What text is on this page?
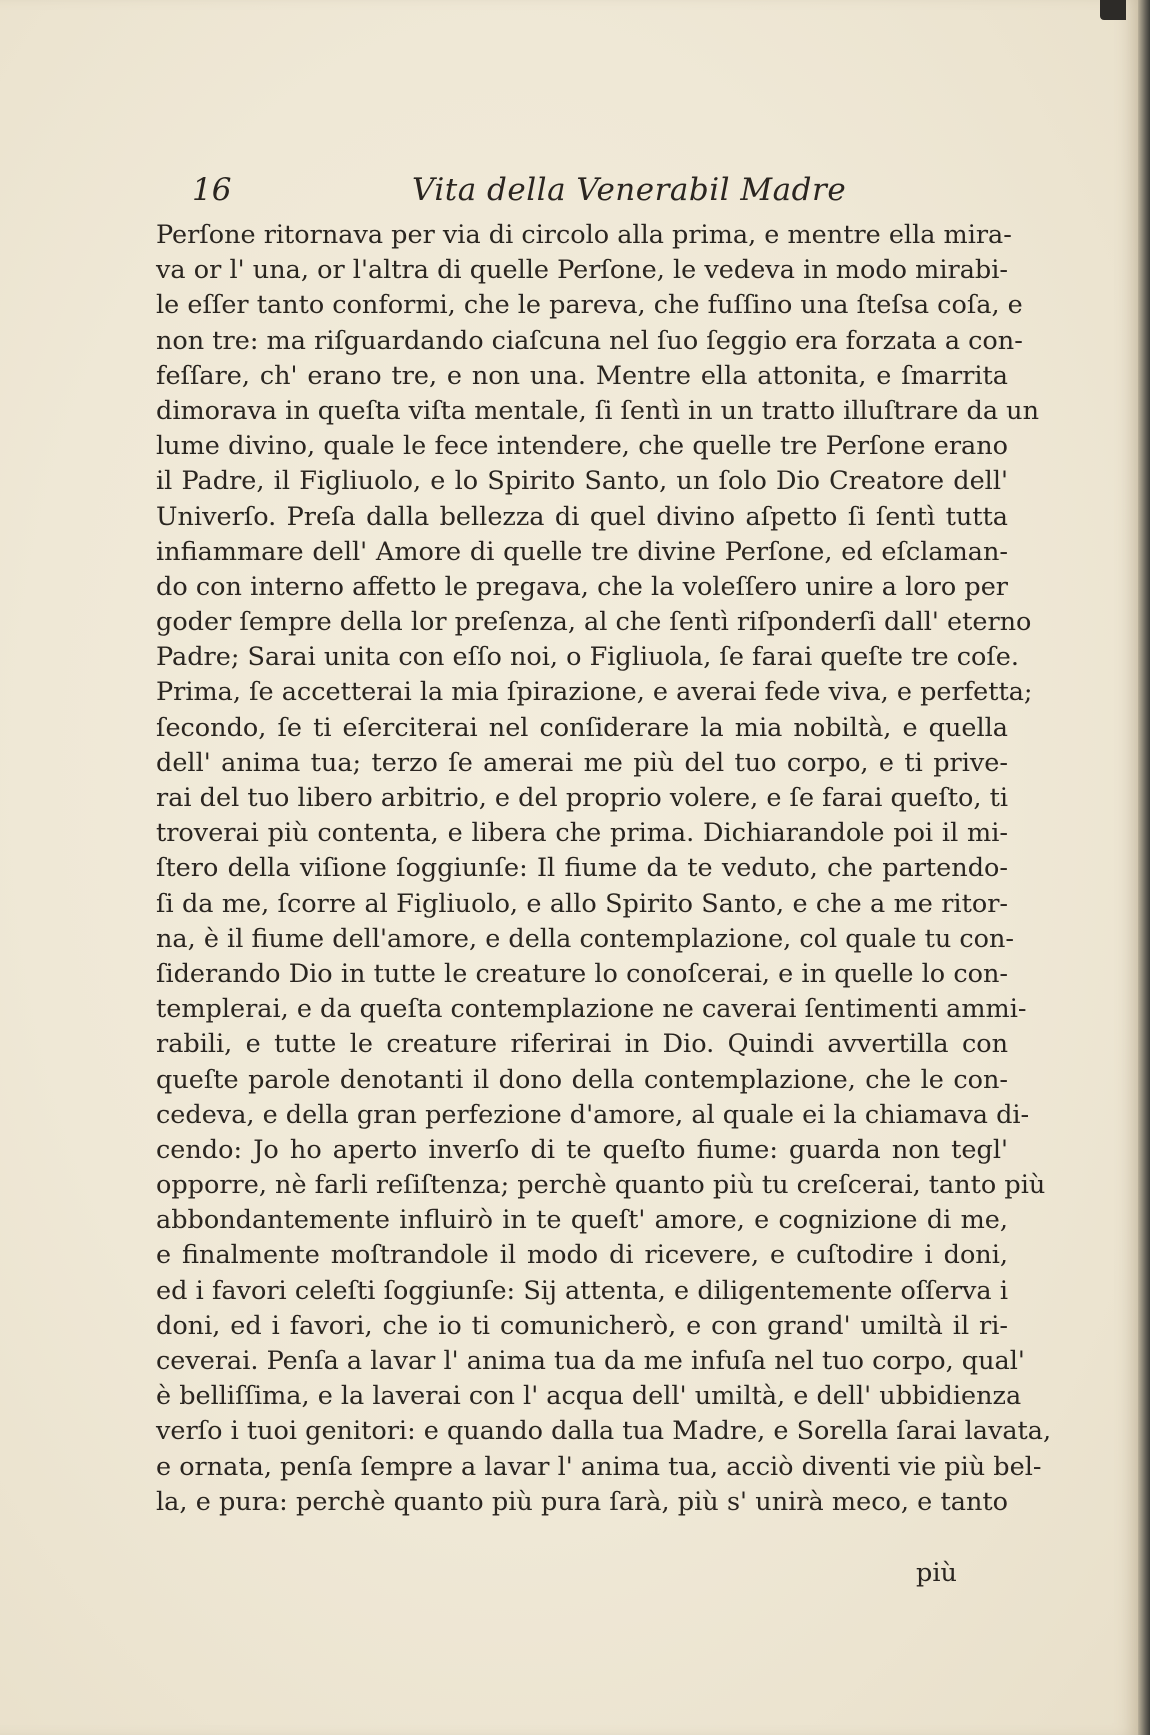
16	Vita della Venerabil Madre
Perſone ritornava per via di circolo alla prima, e mentre ella mira-
va or l' una, or l'altra di quelle Perſone, le vedeva in modo mirabi-
le eſſer tanto conformi, che le pareva, che fuſſino una ſteſsa coſa, e
non tre: ma riſguardando ciaſcuna nel ſuo ſeggio era forzata a con-
feſſare, ch' erano tre, e non una. Mentre ella attonita, e ſmarrita
dimorava in queſta viſta mentale, ſi ſentì in un tratto illuſtrare da un
lume divino, quale le fece intendere, che quelle tre Perſone erano
il Padre, il Figliuolo, e lo Spirito Santo, un ſolo Dio Creatore dell'
Univerſo. Preſa dalla bellezza di quel divino aſpetto ſi ſentì tutta
infiammare dell' Amore di quelle tre divine Perſone, ed eſclaman-
do con interno affetto le pregava, che la voleſſero unire a loro per
goder ſempre della lor preſenza, al che ſentì riſponderſi dall' eterno
Padre; Sarai unita con eſſo noi, o Figliuola, ſe farai queſte tre coſe.
Prima, ſe accetterai la mia ſpirazione, e averai fede viva, e perfetta;
ſecondo, ſe ti eſerciterai nel conſiderare la mia nobiltà, e quella
dell' anima tua; terzo ſe amerai me più del tuo corpo, e ti prive-
rai del tuo libero arbitrio, e del proprio volere, e ſe farai queſto, ti
troverai più contenta, e libera che prima. Dichiarandole poi il mi-
ſtero della viſione ſoggiunſe: Il fiume da te veduto, che partendo-
ſi da me, ſcorre al Figliuolo, e allo Spirito Santo, e che a me ritor-
na, è il fiume dell'amore, e della contemplazione, col quale tu con-
ſiderando Dio in tutte le creature lo conoſcerai, e in quelle lo con-
templerai, e da queſta contemplazione ne caverai ſentimenti ammi-
rabili, e tutte le creature riferirai in Dio. Quindi avvertilla con
queſte parole denotanti il dono della contemplazione, che le con-
cedeva, e della gran perfezione d'amore, al quale ei la chiamava di-
cendo: Jo ho aperto inverſo di te queſto fiume: guarda non tegl'
opporre, nè farli reſiſtenza; perchè quanto più tu creſcerai, tanto più
abbondantemente influirò in te queſt' amore, e cognizione di me,
e finalmente moſtrandole il modo di ricevere, e cuſtodire i doni,
ed i favori celeſti ſoggiunſe: Sij attenta, e diligentemente oſſerva i
doni, ed i favori, che io ti comunicherò, e con grand' umiltà il ri-
ceverai. Penſa a lavar l' anima tua da me infuſa nel tuo corpo, qual'
è belliſſima, e la laverai con l' acqua dell' umiltà, e dell' ubbidienza
verſo i tuoi genitori: e quando dalla tua Madre, e Sorella ſarai lavata,
e ornata, penſa ſempre a lavar l' anima tua, acciò diventi vie più bel-
la, e pura: perchè quanto più pura ſarà, più s' unirà meco, e tanto
più
